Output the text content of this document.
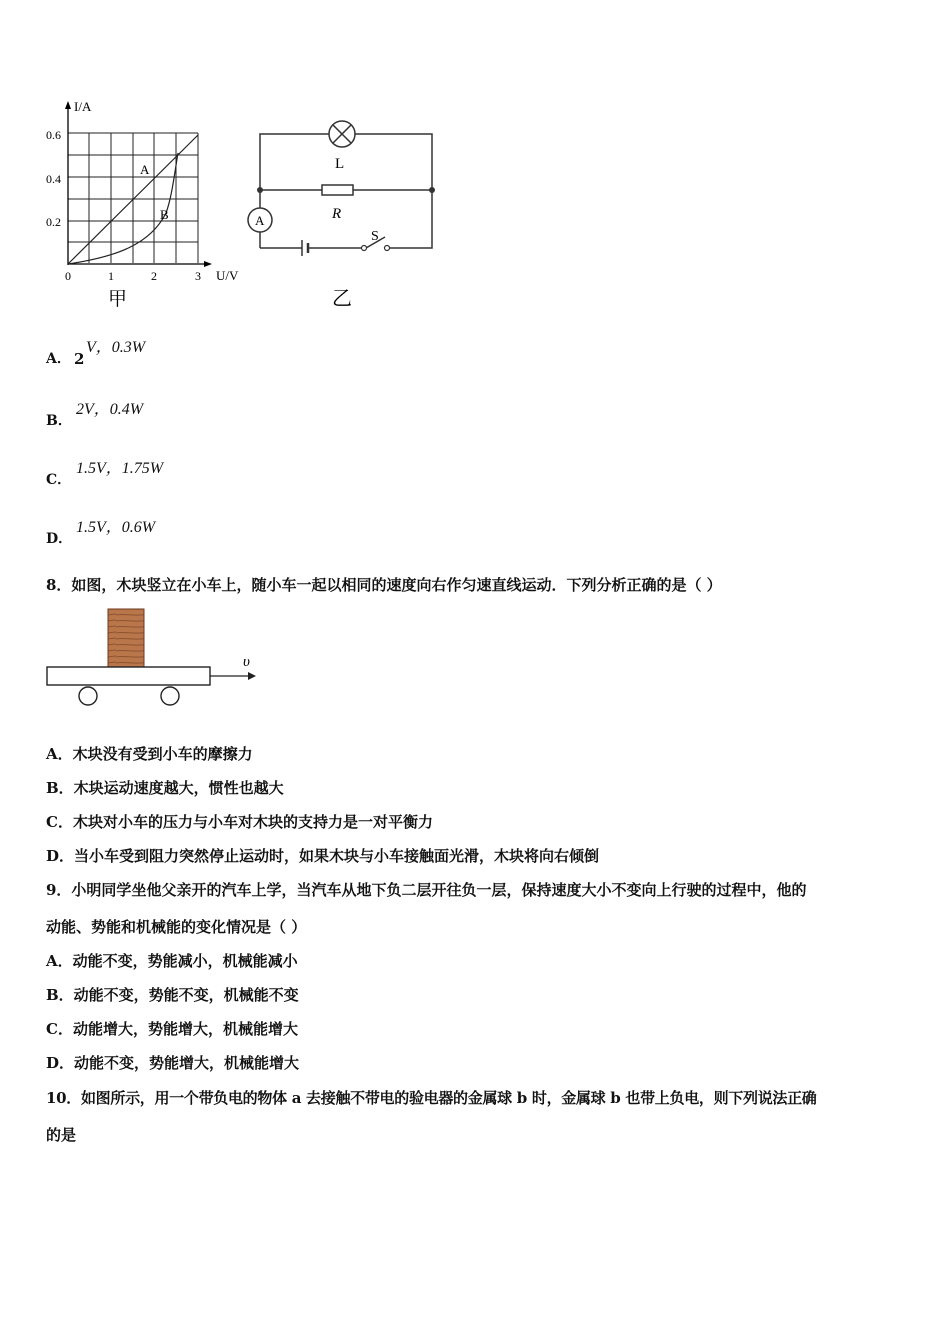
I/A
U/V
0.6
0.4
0.2
0	1	2	3
A
B
甲
L
R
A
S
乙
A． 2
V，0.3W
B．
2V，0.4W
C．
1.5V，1.75W
D．
1.5V，0.6W
8．如图，木块竖立在小车上，随小车一起以相同的速度向右作匀速直线运动．下列分析正确的是（ ）
υ
A．木块没有受到小车的摩擦力
B．木块运动速度越大，惯性也越大
C．木块对小车的压力与小车对木块的支持力是一对平衡力
D．当小车受到阻力突然停止运动时，如果木块与小车接触面光滑，木块将向右倾倒
9．小明同学坐他父亲开的汽车上学，当汽车从地下负二层开往负一层，保持速度大小不变向上行驶的过程中，他的
动能、势能和机械能的变化情况是（ ）
A．动能不变，势能减小，机械能减小
B．动能不变，势能不变，机械能不变
C．动能增大，势能增大，机械能增大
D．动能不变，势能增大，机械能增大
10．如图所示，用一个带负电的物体 a 去接触不带电的验电器的金属球 b 时，金属球 b 也带上负电，则下列说法正确
的是
